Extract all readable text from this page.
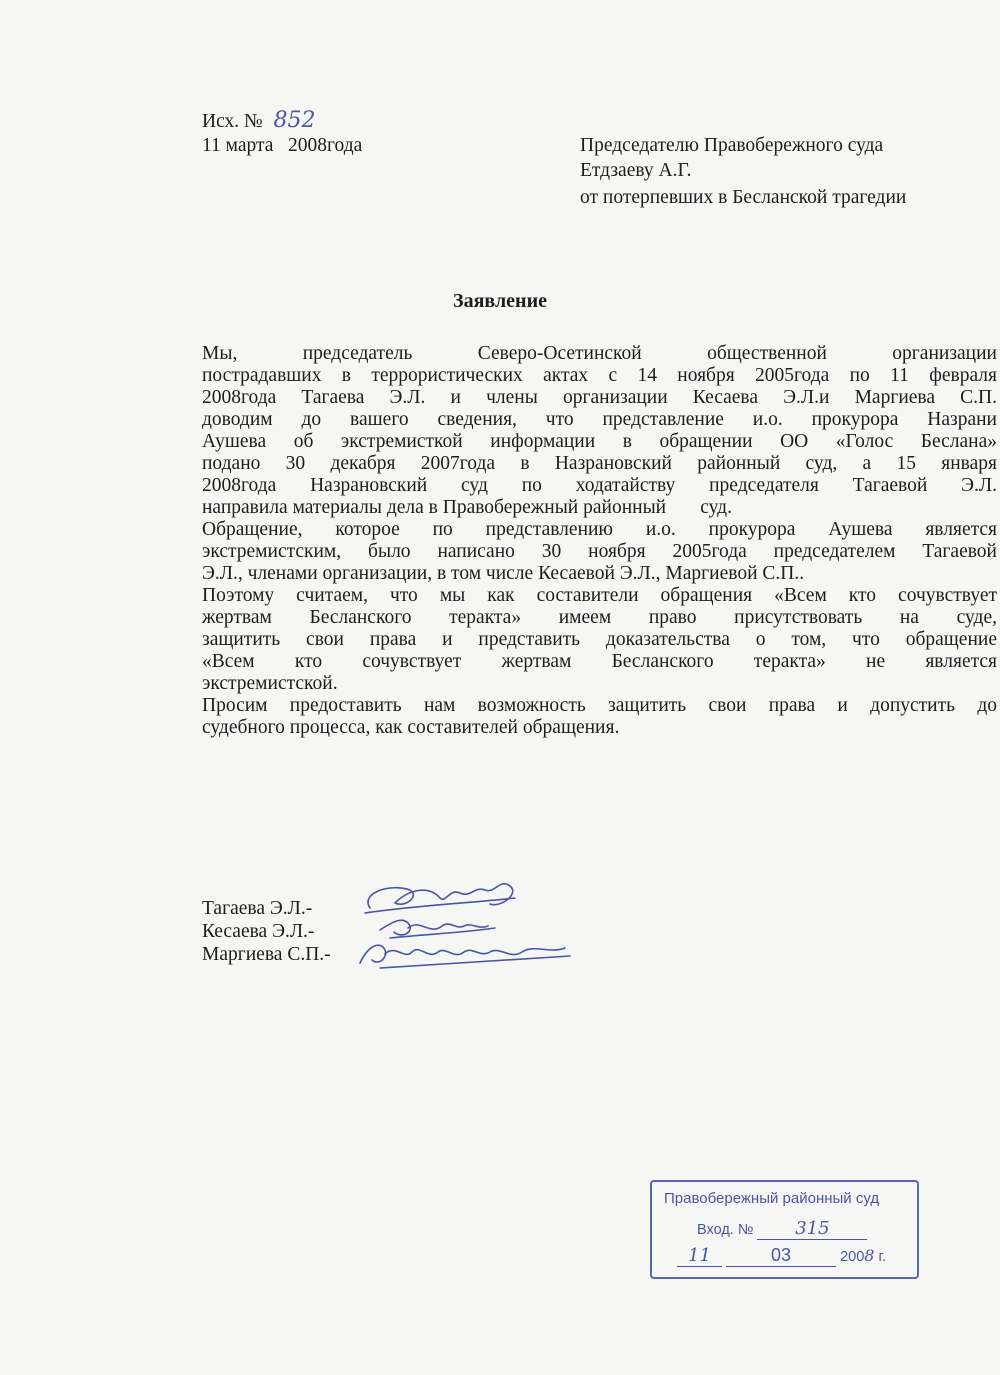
Исх. № 852
11 марта   2008года	Председателю Правобережного суда
Етдзаеву А.Г.
от потерпевших в Бесланской трагедии
Заявление

Мы, председатель Северо-Осетинской общественной организации

пострадавших в террористических актах с 14 ноября 2005года по 11 февраля

2008года Тагаева Э.Л. и члены организации Кесаева Э.Л.и Маргиева С.П.

доводим до вашего сведения, что представление и.о. прокурора Назрани

Аушева об экстремисткой информации в обращении ОО «Голос Беслана»

подано 30 декабря 2007года в Назрановский районный суд, а 15 января

2008года Назрановский суд по ходатайству председателя Тагаевой Э.Л.

направила материалы дела в Правобережный районный       суд.

Обращение, которое по представлению и.о. прокурора Аушева является

экстремистским, было написано 30 ноября 2005года председателем Тагаевой

Э.Л., членами организации, в том числе Кесаевой Э.Л., Маргиевой С.П..

Поэтому считаем, что мы как составители обращения «Всем кто сочувствует

жертвам Бесланского теракта» имеем право присутствовать на суде,

защитить свои права и представить доказательства о том, что обращение

«Всем кто сочувствует жертвам Бесланского теракта» не является

экстремистской.

Просим предоставить нам возможность защитить свои права и допустить до

судебного процесса, как составителей обращения.

Тагаева Э.Л.-
Кесаева Э.Л.-
Маргиева С.П.-
Правобережный районный суд
Вход. № 315
11	03	2008 г.
